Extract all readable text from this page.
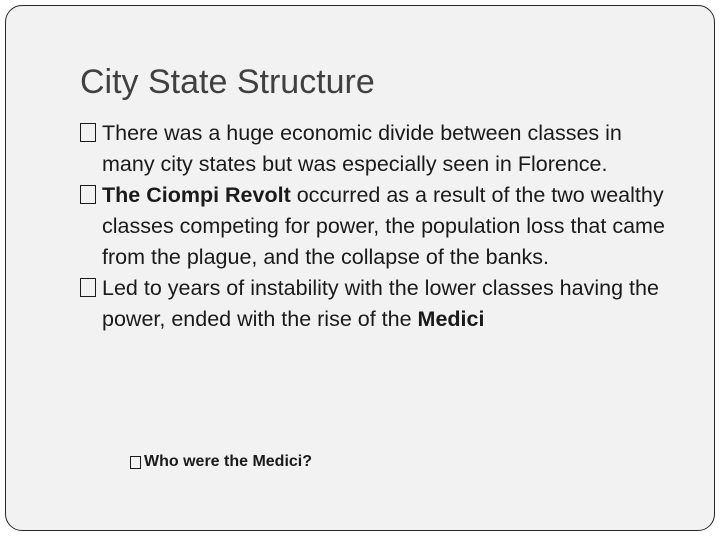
City State Structure
There was a huge economic divide between classes in many city states but was especially seen in Florence.
The Ciompi Revolt occurred as a result of the two wealthy classes competing for power, the population loss that came from the plague, and the collapse of the banks.
Led to years of instability with the lower classes having the power, ended with the rise of the Medici
Who were the Medici?
